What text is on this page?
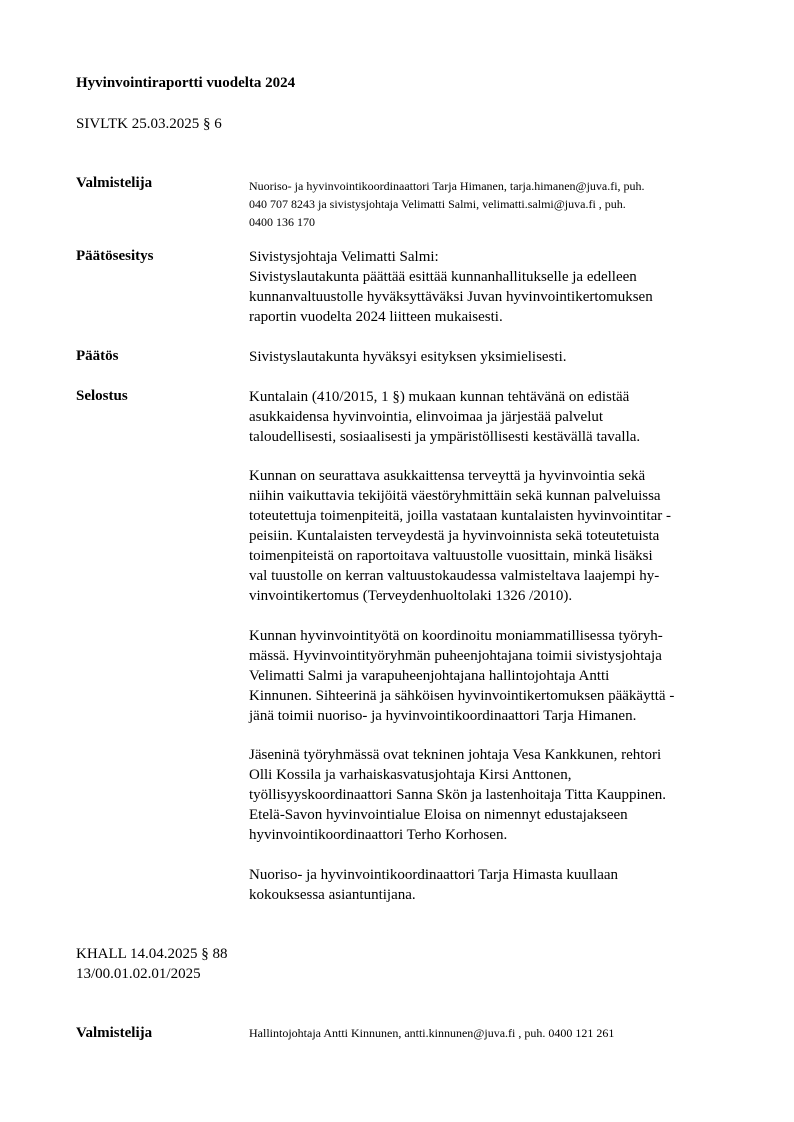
Hyvinvointiraportti vuodelta 2024
SIVLTK 25.03.2025 § 6
Valmistelija	Nuoriso- ja hyvinvointikoordinaattori Tarja Himanen, tarja.himanen@juva.fi, puh.
040 707 8243 ja sivistysjohtaja Velimatti Salmi, velimatti.salmi@juva.fi , puh.
0400 136 170
Päätösesitys	Sivistysjohtaja Velimatti Salmi:
Sivistyslautakunta päättää esittää kunnanhallitukselle ja edelleen
kunnanvaltuustolle hyväksyttäväksi Juvan hyvinvointikertomuksen
raportin vuodelta 2024 liitteen mukaisesti.
Päätös	Sivistyslautakunta hyväksyi esityksen yksimielisesti.
Selostus	Kuntalain (410/2015, 1 §) mukaan kunnan tehtävänä on edistää
asukkaidensa hyvinvointia, elinvoimaa ja järjestää palvelut
taloudellisesti, sosiaalisesti ja ympäristöllisesti kestävällä tavalla.
Kunnan on seurattava asukkaittensa terveyttä ja hyvinvointia sekä
niihin vaikuttavia tekijöitä väestöryhmittäin sekä kunnan palveluissa
toteutettuja toimenpiteitä, joilla vastataan kuntalaisten hyvinvointitar -
peisiin. Kuntalaisten terveydestä ja hyvinvoinnista sekä toteutetuista
toimenpiteistä on raportoitava valtuustolle vuosittain, minkä lisäksi
val tuustolle on kerran valtuustokaudessa valmisteltava laajempi hy-
vinvointikertomus (Terveydenhuoltolaki 1326 /2010).
Kunnan hyvinvointityötä on koordinoitu moniammatillisessa työryh-
mässä. Hyvinvointityöryhmän puheenjohtajana toimii sivistysjohtaja
Velimatti Salmi ja varapuheenjohtajana hallintojohtaja Antti
Kinnunen. Sihteerinä ja sähköisen hyvinvointikertomuksen pääkäyttä -
jänä toimii nuoriso- ja hyvinvointikoordinaattori Tarja Himanen.
Jäseninä työryhmässä ovat tekninen johtaja Vesa Kankkunen, rehtori
Olli Kossila ja varhaiskasvatusjohtaja Kirsi Anttonen,
työllisyyskoordinaattori Sanna Skön ja lastenhoitaja Titta Kauppinen.
Etelä-Savon hyvinvointialue Eloisa on nimennyt edustajakseen
hyvinvointikoordinaattori Terho Korhosen.
Nuoriso- ja hyvinvointikoordinaattori Tarja Himasta kuullaan
kokouksessa asiantuntijana.
KHALL 14.04.2025 § 88
13/00.01.02.01/2025
Valmistelija	Hallintojohtaja Antti Kinnunen, antti.kinnunen@juva.fi , puh. 0400 121 261
